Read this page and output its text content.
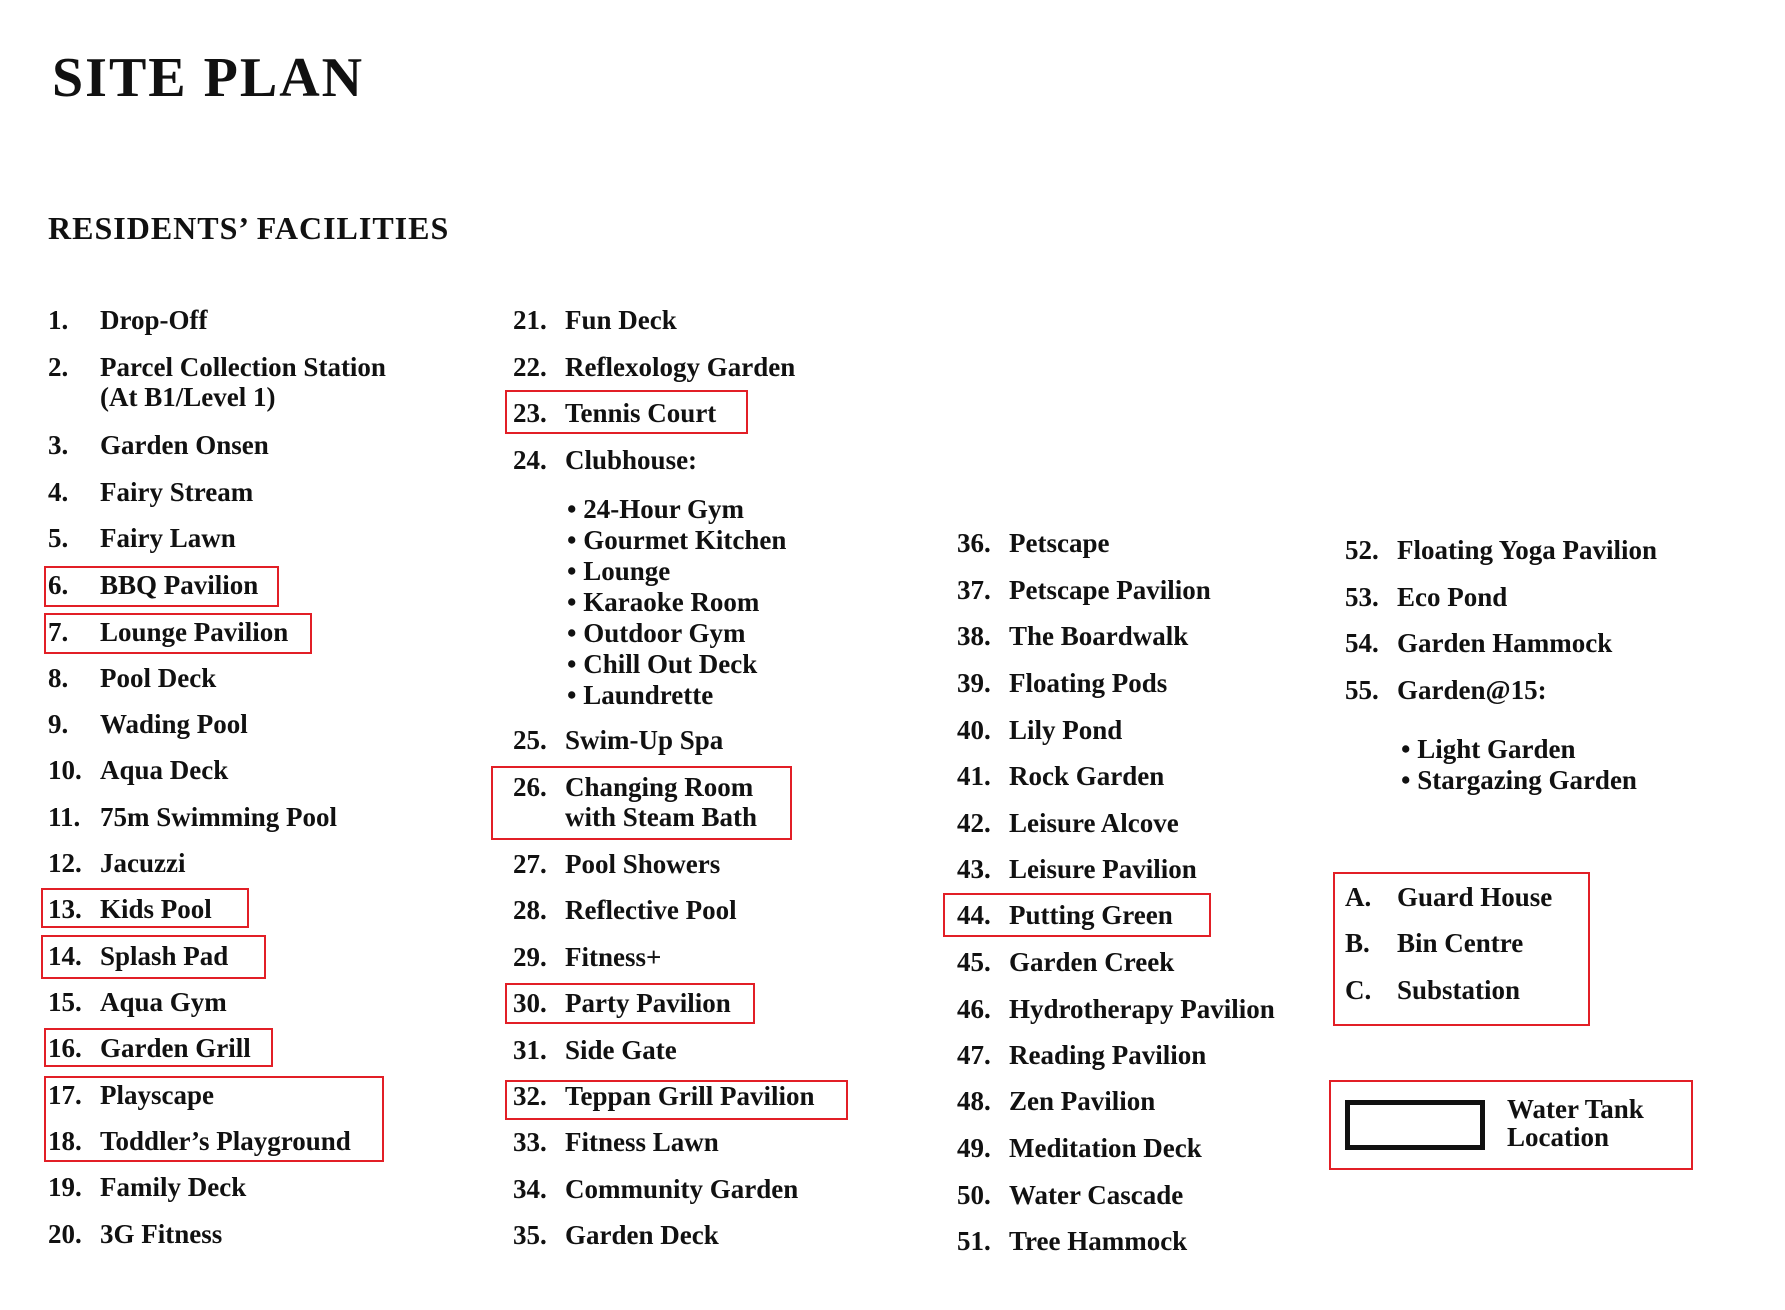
SITE PLAN
RESIDENTS’ FACILITIES
1. Drop-Off
2. Parcel Collection Station
(At B1/Level 1)
3. Garden Onsen
4. Fairy Stream
5. Fairy Lawn
6. BBQ Pavilion
7. Lounge Pavilion
8. Pool Deck
9. Wading Pool
10. Aqua Deck
11. 75m Swimming Pool
12. Jacuzzi
13. Kids Pool
14. Splash Pad
15. Aqua Gym
16. Garden Grill
17. Playscape
18. Toddler’s Playground
19. Family Deck
20. 3G Fitness
21. Fun Deck
22. Reflexology Garden
23. Tennis Court
24. Clubhouse:
25. Swim-Up Spa
26. Changing Room
with Steam Bath
27. Pool Showers
28. Reflective Pool
29. Fitness+
30. Party Pavilion
31. Side Gate
32. Teppan Grill Pavilion
33. Fitness Lawn
34. Community Garden
35. Garden Deck
36. Petscape
37. Petscape Pavilion
38. The Boardwalk
39. Floating Pods
40. Lily Pond
41. Rock Garden
42. Leisure Alcove
43. Leisure Pavilion
44. Putting Green
45. Garden Creek
46. Hydrotherapy Pavilion
47. Reading Pavilion
48. Zen Pavilion
49. Meditation Deck
50. Water Cascade
51. Tree Hammock
52. Floating Yoga Pavilion
53. Eco Pond
54. Garden Hammock
55. Garden@15:
A. Guard House
B. Bin Centre
C. Substation
• 24-Hour Gym
• Gourmet Kitchen
• Lounge
• Karaoke Room
• Outdoor Gym
• Chill Out Deck
• Laundrette
• Light Garden
• Stargazing Garden
Water Tank
Location
